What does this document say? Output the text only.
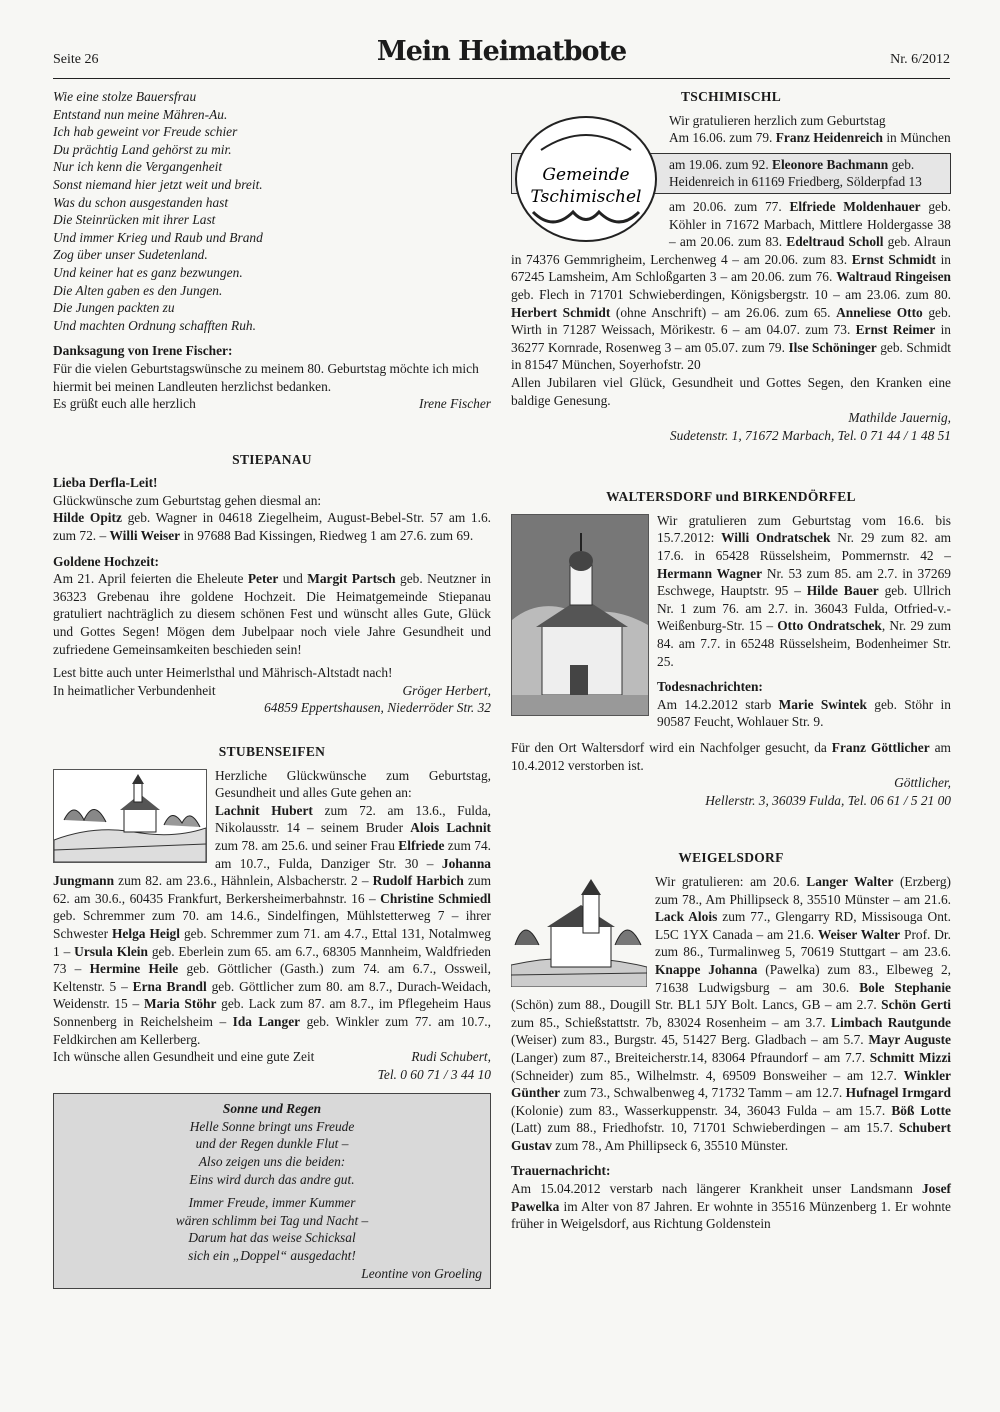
Seite 26	Mein Heimatbote	Nr. 6/2012

Wie eine stolze Bauersfrau

Entstand nun meine Mähren-Au.

Ich hab geweint vor Freude schier

Du prächtig Land gehörst zu mir.

Nur ich kenn die Vergangenheit

Sonst niemand hier jetzt weit und breit.

Was du schon ausgestanden hast

Die Steinrücken mit ihrer Last

Und immer Krieg und Raub und Brand

Zog über unser Sudetenland.

Und keiner hat es ganz bezwungen.

Die Alten gaben es den Jungen.

Die Jungen packten zu

Und machten Ordnung schafften Ruh.

Danksagung von Irene Fischer:

Für die vielen Geburtstagswünsche zu meinem 80. Geburtstag möchte ich mich hiermit bei meinen Landleuten herzlichst bedanken.

Es grüßt euch alle herzlich	Irene Fischer

STIEPANAU

Lieba Derfla-Leit!

Glückwünsche zum Geburtstag gehen diesmal an:

Hilde Opitz geb. Wagner in 04618 Ziegelheim, August-Bebel-Str. 57 am 1.6. zum 72. – Willi Weiser in 97688 Bad Kissingen, Riedweg 1 am 27.6. zum 69.

Goldene Hochzeit:

Am 21. April feierten die Eheleute Peter und Margit Partsch geb. Neutzner in 36323 Grebenau ihre goldene Hochzeit. Die Heimatgemeinde Stiepanau gratuliert nachträglich zu diesem schönen Fest und wünscht alles Gute, Glück und Gottes Segen! Mögen dem Jubelpaar noch viele Jahre Gesundheit und zufriedene Gemeinsamkeiten beschieden sein!

Lest bitte auch unter Heimerlsthal und Mährisch-Altstadt nach!

In heimatlicher Verbundenheit	Gröger Herbert,

64859 Eppertshausen, Niederröder Str. 32

STUBENSEIFEN

Herzliche Glückwünsche zum Geburtstag, Gesundheit und alles Gute gehen an:

Lachnit Hubert zum 72. am 13.6., Fulda, Nikolausstr. 14 – seinem Bruder Alois Lachnit zum 78. am 25.6. und seiner Frau Elfriede zum 74. am 10.7., Fulda, Danziger Str. 30 – Johanna Jungmann zum 82. am 23.6., Hähnlein, Alsbacherstr. 2 – Rudolf Harbich zum 62. am 30.6., 60435 Frankfurt, Berkersheimerbahnstr. 16 – Christine Schmiedl geb. Schremmer zum 70. am 14.6., Sindelfingen, Mühlstetterweg 7 – ihrer Schwester Helga Heigl geb. Schremmer zum 71. am 4.7., Ettal 131, Notalmweg 1 – Ursula Klein geb. Eberlein zum 65. am 6.7., 68305 Mannheim, Waldfrieden 73 – Hermine Heile geb. Göttlicher (Gasth.) zum 74. am 6.7., Ossweil, Keltenstr. 5 – Erna Brandl geb. Göttlicher zum 80. am 8.7., Durach-Weidach, Weidenstr. 15 – Maria Stöhr geb. Lack zum 87. am 8.7., im Pflegeheim Haus Sonnenberg in Reichelsheim – Ida Langer geb. Winkler zum 77. am 10.7., Feldkirchen am Kellerberg.

Ich wünsche allen Gesundheit und eine gute Zeit	Rudi Schubert,

Tel. 0 60 71 / 3 44 10

Sonne und Regen

Helle Sonne bringt uns Freude

und der Regen dunkle Flut –

Also zeigen uns die beiden:

Eins wird durch das andre gut.

Immer Freude, immer Kummer

wären schlimm bei Tag und Nacht –

Darum hat das weise Schicksal

sich ein „Doppel“ ausgedacht!

Leontine von Groeling

TSCHIMISCHL

Gemeinde
Tschimischel

Wir gratulieren herzlich zum Geburtstag

Am 16.06. zum 79. Franz Heidenreich in München

am 19.06. zum 92. Eleonore Bachmann geb. Heidenreich in 61169 Friedberg, Sölderpfad 13

am 20.06. zum 77. Elfriede Moldenhauer geb. Köhler in 71672 Marbach, Mittlere Holdergasse 38 – am 20.06. zum 83. Edeltraud Scholl geb. Alraun in 74376 Gemmrigheim, Lerchenweg 4 – am 20.06. zum 83. Ernst Schmidt in 67245 Lamsheim, Am Schloßgarten 3 – am 20.06. zum 76. Waltraud Ringeisen geb. Flech in 71701 Schwieberdingen, Königsbergstr. 10 – am 23.06. zum 80. Herbert Schmidt (ohne Anschrift) – am 26.06. zum 65. Anneliese Otto geb. Wirth in 71287 Weissach, Mörikestr. 6 – am 04.07. zum 73. Ernst Reimer in 36277 Kornrade, Rosenweg 3 – am 05.07. zum 79. Ilse Schöninger geb. Schmidt in 81547 München, Soyerhofstr. 20

Allen Jubilaren viel Glück, Gesundheit und Gottes Segen, den Kranken eine baldige Genesung.

Mathilde Jauernig,

Sudetenstr. 1, 71672 Marbach, Tel. 0 71 44 / 1 48 51

WALTERSDORF und BIRKENDÖRFEL

Wir gratulieren zum Geburtstag vom 16.6. bis 15.7.2012: Willi Ondratschek Nr. 29 zum 82. am 17.6. in 65428 Rüsselsheim, Pommernstr. 42 – Hermann Wagner Nr. 53 zum 85. am 2.7. in 37269 Eschwege, Hauptstr. 95 – Hilde Bauer geb. Ullrich Nr. 1 zum 76. am 2.7. in. 36043 Fulda, Otfried-v.-Weißenburg-Str. 15 – Otto Ondratschek, Nr. 29 zum 84. am 7.7. in 65248 Rüsselsheim, Bodenheimer Str. 25.

Todesnachrichten:

Am 14.2.2012 starb Marie Swintek geb. Stöhr in 90587 Feucht, Wohlauer Str. 9.

Für den Ort Waltersdorf wird ein Nachfolger gesucht, da Franz Göttlicher am 10.4.2012 verstorben ist.

Göttlicher,

Hellerstr. 3, 36039 Fulda, Tel. 06 61 / 5 21 00

WEIGELSDORF

Wir gratulieren: am 20.6. Langer Walter (Erzberg) zum 78., Am Phillipseck 8, 35510 Münster – am 21.6. Lack Alois zum 77., Glengarry RD, Missisouga Ont. L5C 1YX Canada – am 21.6. Weiser Walter Prof. Dr. zum 86., Turmalinweg 5, 70619 Stuttgart – am 23.6. Knappe Johanna (Pawelka) zum 83., Elbeweg 2, 71638 Ludwigsburg – am 30.6. Bole Stephanie (Schön) zum 88., Dougill Str. BL1 5JY Bolt. Lancs, GB – am 2.7. Schön Gerti zum 85., Schießstattstr. 7b, 83024 Rosenheim – am 3.7. Limbach Rautgunde (Weiser) zum 83., Burgstr. 45, 51427 Berg. Gladbach – am 5.7. Mayr Auguste (Langer) zum 87., Breiteicherstr.14, 83064 Pfraundorf – am 7.7. Schmitt Mizzi (Schneider) zum 85., Wilhelmstr. 4, 69509 Bonsweiher – am 12.7. Winkler Günther zum 73., Schwalbenweg 4, 71732 Tamm – am 12.7. Hufnagel Irmgard (Kolonie) zum 83., Wasserkuppenstr. 34, 36043 Fulda – am 15.7. Böß Lotte (Latt) zum 88., Friedhofstr. 10, 71701 Schwieberdingen – am 15.7. Schubert Gustav zum 78., Am Phillipseck 6, 35510 Münster.

Trauernachricht:

Am 15.04.2012 verstarb nach längerer Krankheit unser Landsmann Josef Pawelka im Alter von 87 Jahren. Er wohnte in 35516 Münzenberg 1. Er wohnte früher in Weigelsdorf, aus Richtung Goldenstein
